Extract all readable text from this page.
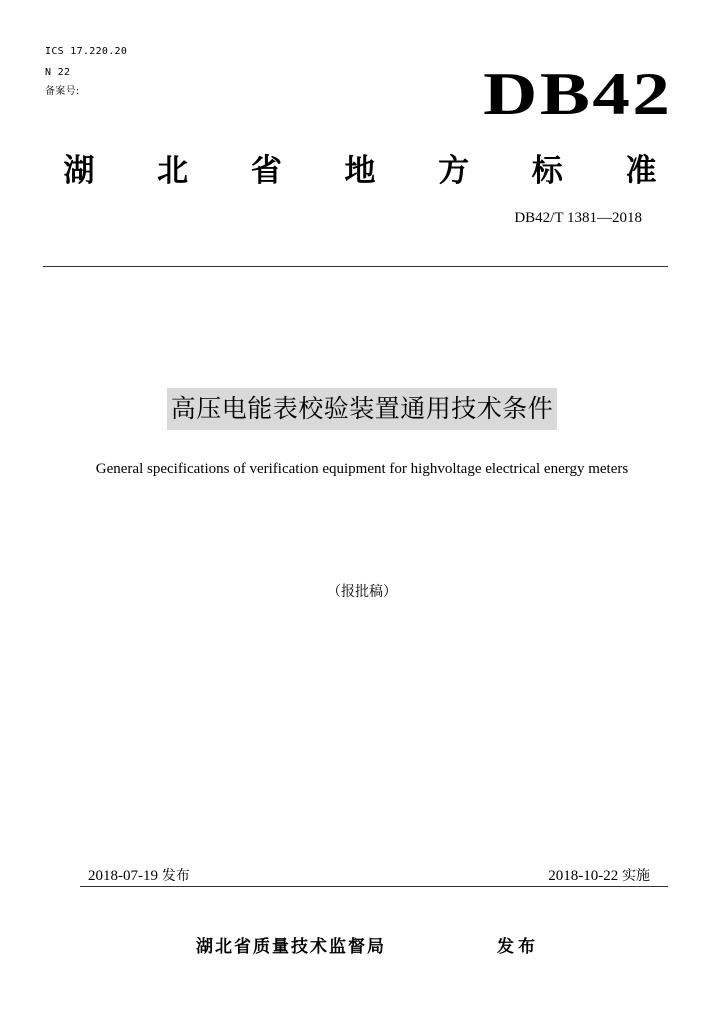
ICS 17.220.20
N 22
备案号:	DB42
湖	北	省	地	方	标	准
DB42/T 1381—2018
高压电能表校验装置通用技术条件
General specifications of verification equipment for highvoltage electrical energy meters
（报批稿）
2018-07-19 发布	2018-10-22 实施
湖北省质量技术监督局	发布
